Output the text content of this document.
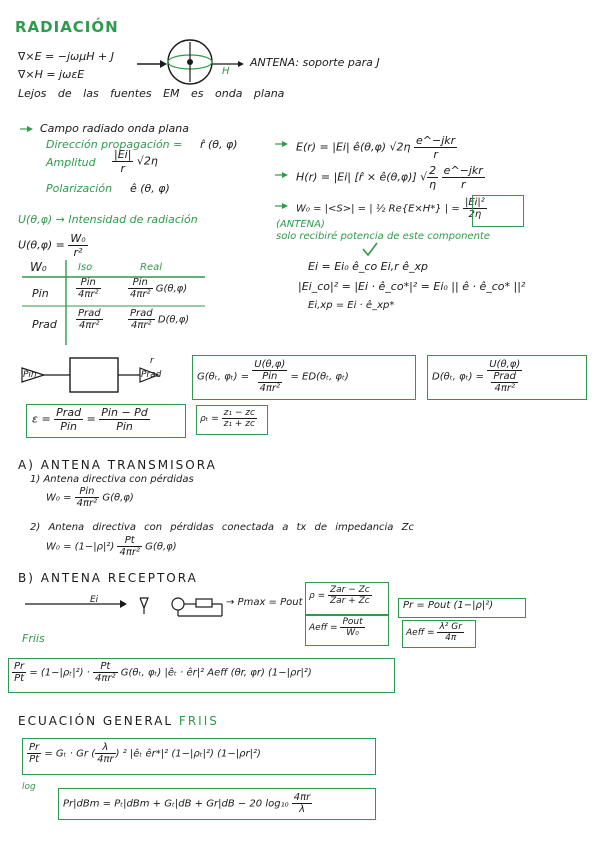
RADIACIÓN
∇×E = −jωμH + J
∇×H = jωεE
Lejos de las fuentes EM es onda plana
H
ANTENA: soporte para J
Campo radiado onda plana
Dirección propagación = r̂ (θ, φ)
Amplitud $\frac{|Ei|}{r} √2\eta$
Polarización ê (θ, φ)
E(r) = |Ei| ê(θ,φ) $√2\eta \frac{\text{e\textasciicircum{}−jkr}}{r}$
H(r) = |Ei| [r̂ × ê(θ,φ)] √ $\frac{2}{\eta}$
$\frac{\text{e\textasciicircum{}−jkr}}{r}$
W₀ = |<S>| = | ½ Re{E×H*} | = $\frac{\text{|Ei|²}}{2\eta}$
U(θ,φ) → Intensidad de radiación
$U(\theta,\varphi) = \frac{\text{W₀}}{\text{r²}}$
(ANTENA)
solo recibiré potencia de este componente
Ei = Ei₀ ê_co Ei,r ê_xp
|Ei_co|² = |Ei · ê_co*|² = Ei₀ || ê · ê_co* ||²
Ei,xp = Ei · ê_xp*
W₀	Iso	Real
Pin	$\frac{\text{Pin}}{\text{4πr²}}$	$\frac{\text{Pin}}{\text{4πr²}} G(\theta,\varphi)$
Prad $\frac{\text{Prad}}{\text{4πr²}}$	$\frac{\text{Prad}}{\text{4πr²}} D(\theta,\varphi)$
Pin	Prad
r
G(θₜ, $\varphi_t) = \frac{U(\theta,\varphi)}{\frac{\text{Pin}}{\text{4πr²}}} = ED(\theta_t$, φₜ)	D(θₜ, $\varphi_t) = \frac{U(\theta,\varphi)}{\frac{\text{Prad}}{\text{4πr²}}}$
$\varepsilon = \frac{\text{Prad}}{\text{Pin}} = \frac{\text{Pin − Pd}}{\text{Pin}}$	$\rho_t = \frac{\text{z₁ − zc}}{\text{z₁ + zc}}$
A) ANTENA TRANSMISORA
1) Antena directiva con pérdidas
$W_0 = \frac{\text{Pin}}{\text{4πr²}} G(\theta,\varphi)$
2) Antena directiva con pérdidas conectada a tx de impedancia Zc
$W_0 = (1-|\rho|^2) \frac{Pt}{\text{4πr²}} G(\theta,\varphi)$
B) ANTENA RECEPTORA
Ei	→ Pmax = Pout
$\rho = \frac{\text{Zar − Zc}}{\text{Zar + Zc}}$
Aeff = $\frac{\text{Pout}}{\text{W₀}}$
Pr = Pout (1−|ρ|²)
Aeff = $\frac{\text{λ² Gr}}{4\pi}$
Friis
$\frac{Pr}{Pt} = (1-|\rho_t|^2) \cdot \frac{Pt}{\text{4πr²}} G(\theta_t$, φₜ) |êₜ · êr|² Aeff (θr, φr) (1−|ρr|²)
ECUACIÓN GENERAL FRIIS
$\frac{Pr}{Pt} = G_t \cdot Gr$ ( $\frac{\lambda}{4\pi r}$ ) ² |êₜ êr*|² (1−|ρₜ|²) (1−|ρr|²)
log
Pr|dBm = Pₜ|dBm + Gₜ|dB + Gr|dB − 20 $\log_{10} \frac{4\pi r}{\lambda}$
